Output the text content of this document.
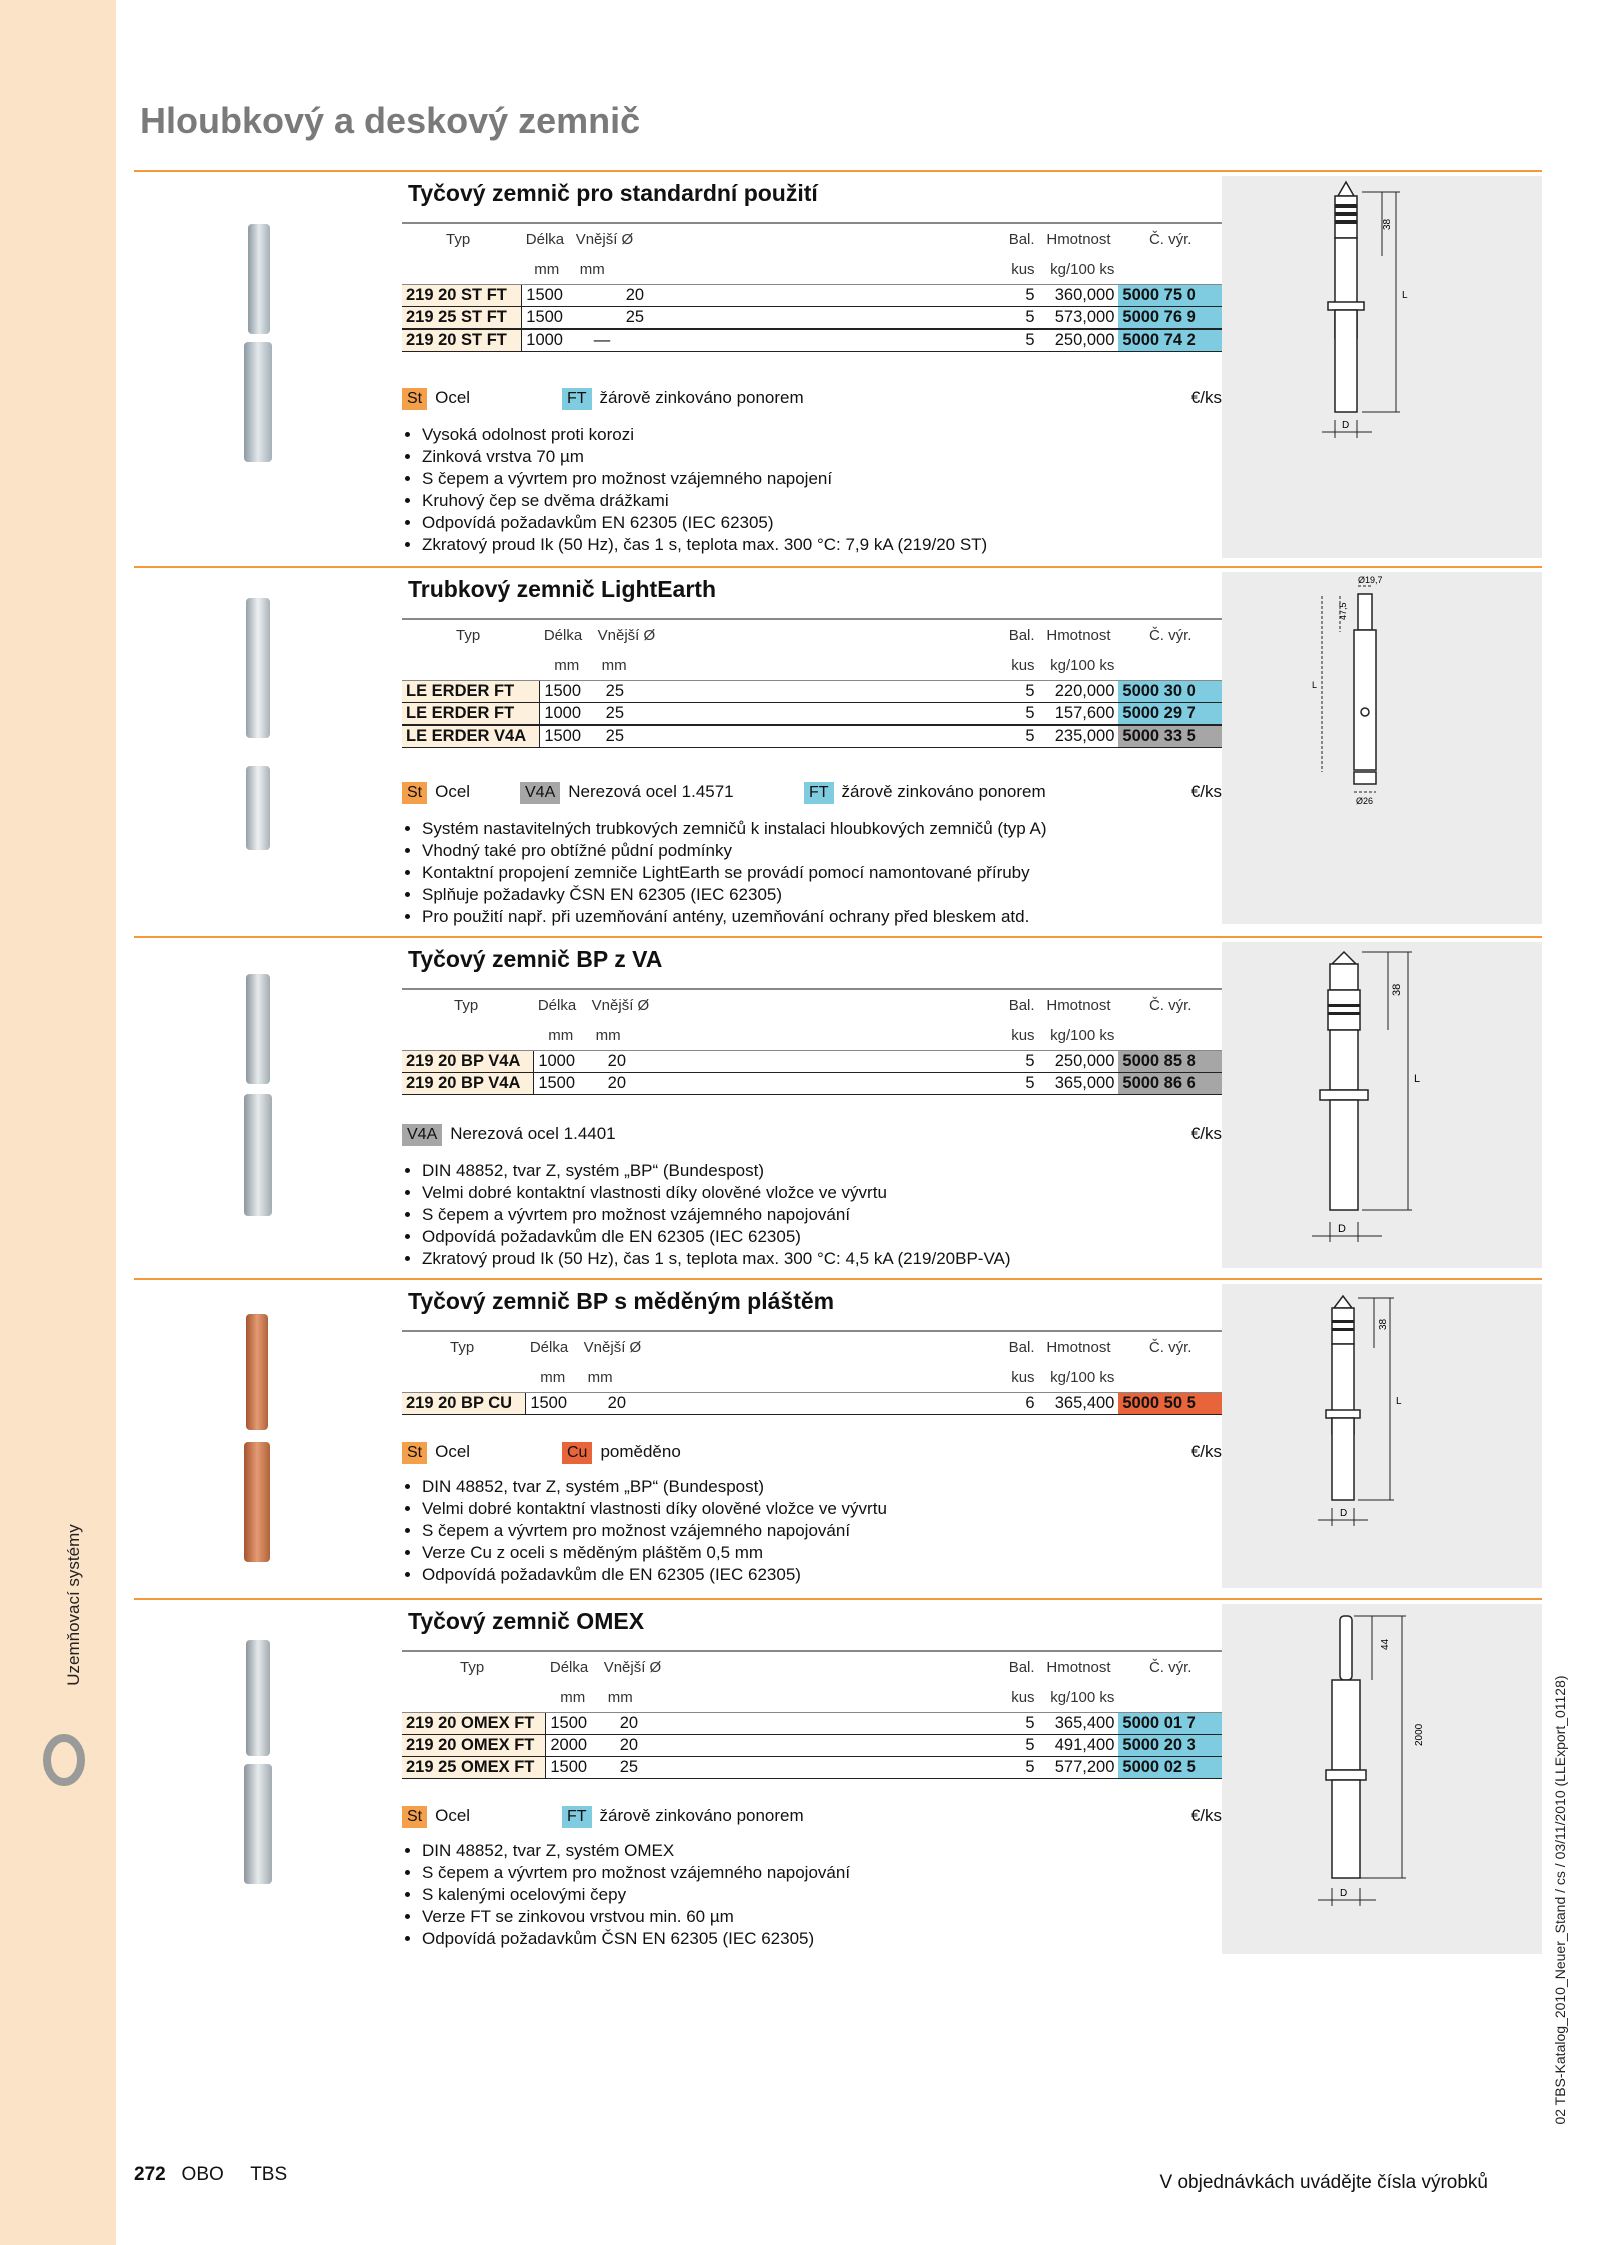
Uzemňovací systémy
02 TBS-Katalog_2010_Neuer_Stand / cs / 03/11/2010 (LLExport_01128)
Hloubkový a deskový zemnič
Tyčový zemnič pro standardní použití
Typ	Délka	Vnější Ø	Bal.	Hmotnost	Č. výr.
	mm	mm	kus	kg/100 ks	
219 20 ST FT	1500	20	5	360,000	5000 75 0
219 25 ST FT	1500	25	5	573,000	5000 76 9
219 20 ST FT	1000	—	5	250,000	5000 74 2
St Ocel	FT žárově zinkováno ponorem	€/ks
• Vysoká odolnost proti korozi
• Zinková vrstva 70 µm
• S čepem a vývrtem pro možnost vzájemného napojení
• Kruhový čep se dvěma drážkami
• Odpovídá požadavkům EN 62305 (IEC 62305)
• Zkratový proud Ik (50 Hz), čas 1 s, teplota max. 300 °C: 7,9 kA (219/20 ST)
38
L
D
Trubkový zemnič LightEarth
Typ	Délka	Vnější Ø	Bal.	Hmotnost	Č. výr.
	mm	mm	kus	kg/100 ks	
LE ERDER FT	1500	25	5	220,000	5000 30 0
LE ERDER FT	1000	25	5	157,600	5000 29 7
LE ERDER V4A	1500	25	5	235,000	5000 33 5
St Ocel	V4A Nerezová ocel 1.4571	FT žárově zinkováno ponorem	€/ks
• Systém nastavitelných trubkových zemničů k instalaci hloubkových zemničů (typ A)
• Vhodný také pro obtížné půdní podmínky
• Kontaktní propojení zemniče LightEarth se provádí pomocí namontované příruby
• Splňuje požadavky ČSN EN 62305 (IEC 62305)
• Pro použití např. při uzemňování antény, uzemňování ochrany před bleskem atd.
Ø19,7
47,5
L
Ø26
Tyčový zemnič BP z VA
Typ	Délka	Vnější Ø	Bal.	Hmotnost	Č. výr.
	mm	mm	kus	kg/100 ks	
219 20 BP V4A	1000	20	5	250,000	5000 85 8
219 20 BP V4A	1500	20	5	365,000	5000 86 6
V4A Nerezová ocel 1.4401	€/ks
• DIN 48852, tvar Z, systém „BP“ (Bundespost)
• Velmi dobré kontaktní vlastnosti díky olověné vložce ve vývrtu
• S čepem a vývrtem pro možnost vzájemného napojování
• Odpovídá požadavkům dle EN 62305 (IEC 62305)
• Zkratový proud Ik (50 Hz), čas 1 s, teplota max. 300 °C: 4,5 kA (219/20BP-VA)
38
L
D
Tyčový zemnič BP s měděným pláštěm
Typ	Délka	Vnější Ø	Bal.	Hmotnost	Č. výr.
	mm	mm	kus	kg/100 ks	
219 20 BP CU	1500	20	6	365,400	5000 50 5
St Ocel	Cu poměděno	€/ks
• DIN 48852, tvar Z, systém „BP“ (Bundespost)
• Velmi dobré kontaktní vlastnosti díky olověné vložce ve vývrtu
• S čepem a vývrtem pro možnost vzájemného napojování
• Verze Cu z oceli s měděným pláštěm 0,5 mm
• Odpovídá požadavkům dle EN 62305 (IEC 62305)
38
L
D
Tyčový zemnič OMEX
Typ	Délka	Vnější Ø	Bal.	Hmotnost	Č. výr.
	mm	mm	kus	kg/100 ks	
219 20 OMEX FT	1500	20	5	365,400	5000 01 7
219 20 OMEX FT	2000	20	5	491,400	5000 20 3
219 25 OMEX FT	1500	25	5	577,200	5000 02 5
St Ocel	FT žárově zinkováno ponorem	€/ks
• DIN 48852, tvar Z, systém OMEX
• S čepem a vývrtem pro možnost vzájemného napojování
• S kalenými ocelovými čepy
• Verze FT se zinkovou vrstvou min. 60 µm
• Odpovídá požadavkům ČSN EN 62305 (IEC 62305)
44
2000
D
272 OBO TBS	V objednávkách uvádějte čísla výrobků
